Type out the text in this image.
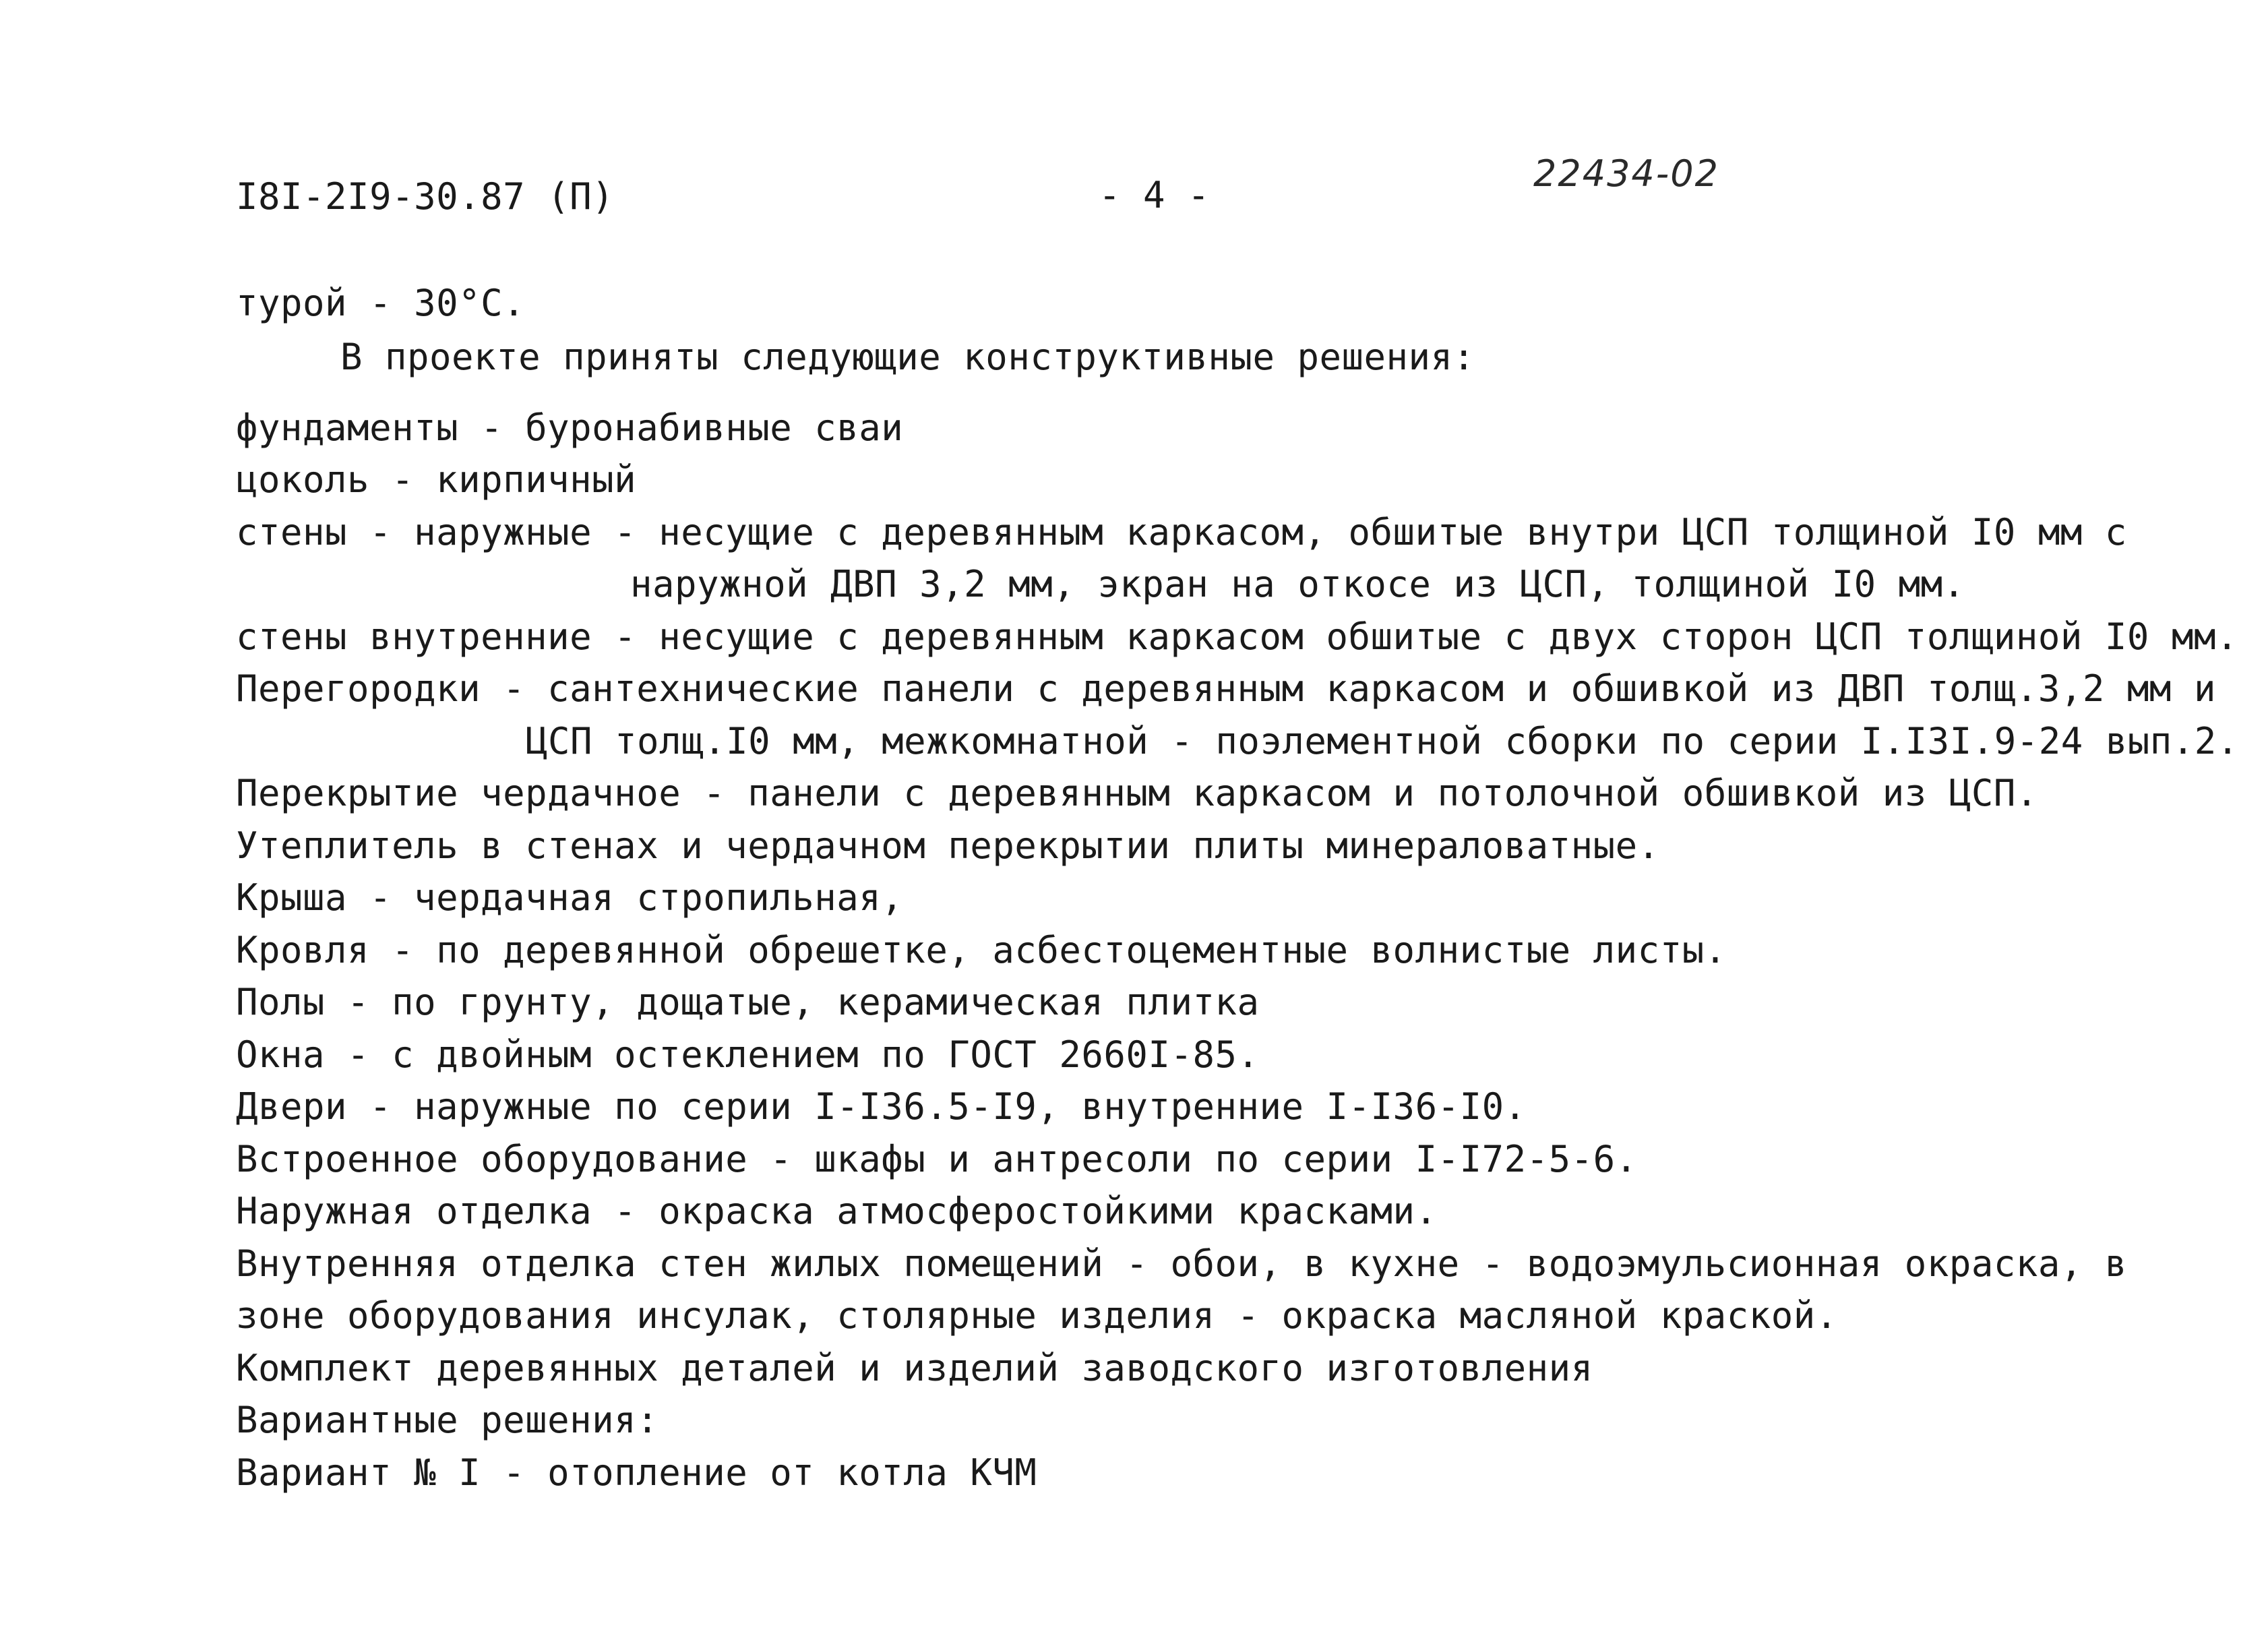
I8I-2I9-30.87 (П)	- 4 -
22434-02
турой - 30°С.
В проекте приняты следующие конструктивные решения:
фундаменты - буронабивные сваи
цоколь - кирпичный
стены - наружные - несущие с деревянным каркасом, обшитые внутри ЦСП толщиной I0 мм с
наружной ДВП 3,2 мм, экран на откосе из ЦСП, толщиной I0 мм.
стены внутренние - несущие с деревянным каркасом обшитые с двух сторон ЦСП толщиной I0 мм.
Перегородки - сантехнические панели с деревянным каркасом и обшивкой из ДВП толщ.3,2 мм и
ЦСП толщ.I0 мм, межкомнатной - поэлементной сборки по серии I.I3I.9-24 вып.2.
Перекрытие чердачное - панели с деревянным каркасом и потолочной обшивкой из ЦСП.
Утеплитель в стенах и чердачном перекрытии плиты минераловатные.
Крыша - чердачная стропильная,
Кровля - по деревянной обрешетке, асбестоцементные волнистые листы.
Полы - по грунту, дощатые, керамическая плитка
Окна - с двойным остеклением по ГОСТ 2660I-85.
Двери - наружные по серии I-I36.5-I9, внутренние I-I36-I0.
Встроенное оборудование - шкафы и антресоли по серии I-I72-5-6.
Наружная отделка - окраска атмосферостойкими красками.
Внутренняя отделка стен жилых помещений - обои, в кухне - водоэмульсионная окраска, в
зоне оборудования инсулак, столярные изделия - окраска масляной краской.
Комплект деревянных деталей и изделий заводского изготовления
Вариантные решения:
Вариант № I - отопление от котла КЧМ
